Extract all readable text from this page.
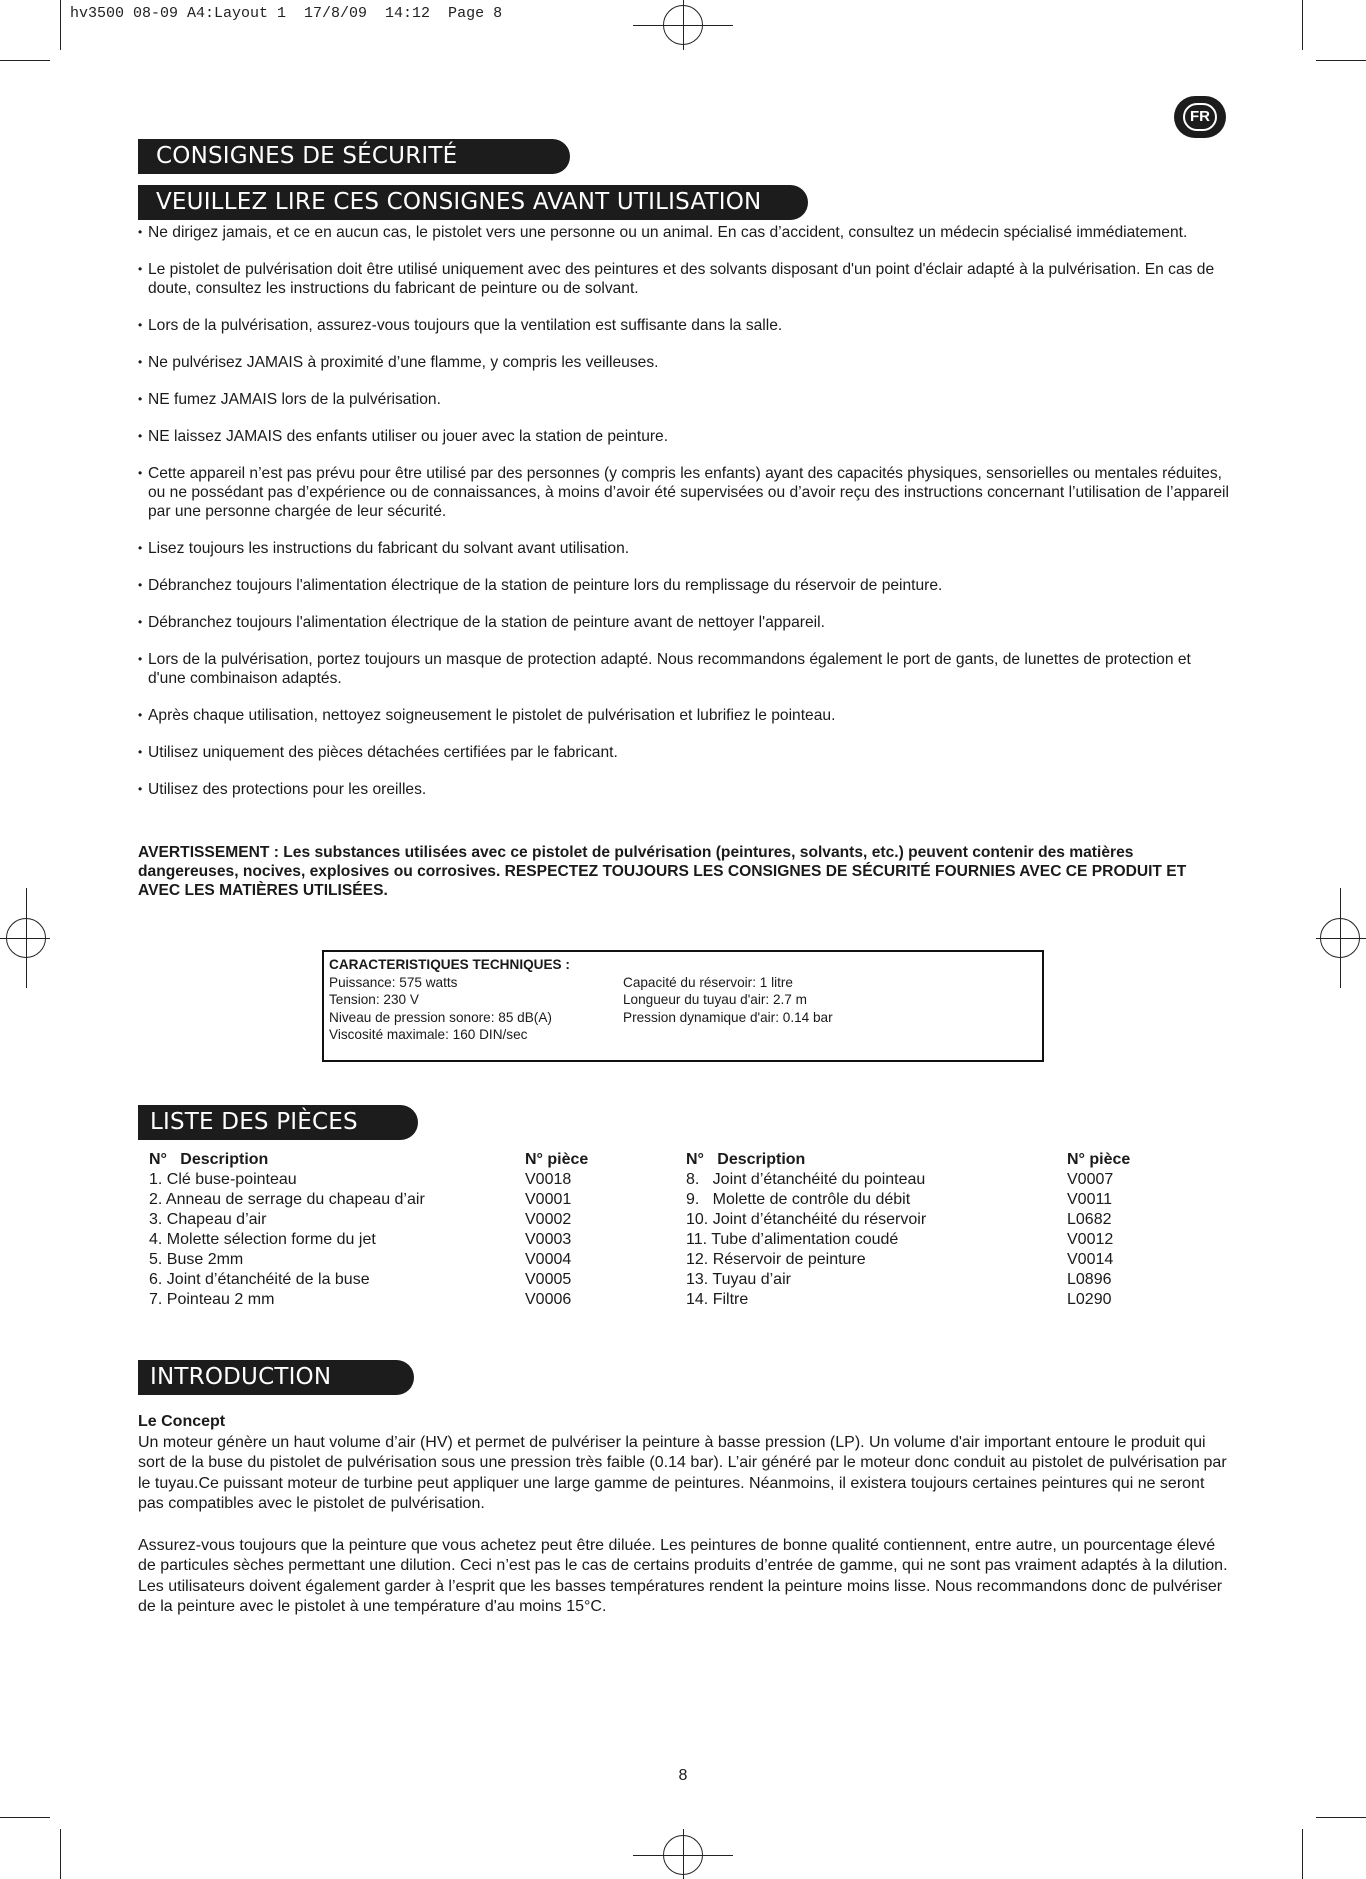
hv3500 08-09 A4:Layout 1  17/8/09  14:12  Page 8
FR
CONSIGNES DE SÉCURITÉ
VEUILLEZ LIRE CES CONSIGNES AVANT UTILISATION
• Ne dirigez jamais, et ce en aucun cas, le pistolet vers une personne ou un animal. En cas d’accident, consultez un médecin spécialisé immédiatement.
• Le pistolet de pulvérisation doit être utilisé uniquement avec des peintures et des solvants disposant d'un point d'éclair adapté à la pulvérisation. En cas de doute, consultez les instructions du fabricant de peinture ou de solvant.
• Lors de la pulvérisation, assurez-vous toujours que la ventilation est suffisante dans la salle.
• Ne pulvérisez JAMAIS à proximité d’une flamme, y compris les veilleuses.
• NE fumez JAMAIS lors de la pulvérisation.
• NE laissez JAMAIS des enfants utiliser ou jouer avec la station de peinture.
• Cette appareil n’est pas prévu pour être utilisé par des personnes (y compris les enfants) ayant des capacités physiques, sensorielles ou mentales réduites, ou ne possédant pas d’expérience ou de connaissances, à moins d’avoir été supervisées ou d’avoir reçu des instructions concernant l’utilisation de l’appareil par une personne chargée de leur sécurité.
• Lisez toujours les instructions du fabricant du solvant avant utilisation.
• Débranchez toujours l'alimentation électrique de la station de peinture lors du remplissage du réservoir de peinture.
• Débranchez toujours l'alimentation électrique de la station de peinture avant de nettoyer l'appareil.
• Lors de la pulvérisation, portez toujours un masque de protection adapté. Nous recommandons également le port de gants, de lunettes de protection et d'une combinaison adaptés.
• Après chaque utilisation, nettoyez soigneusement le pistolet de pulvérisation et lubrifiez le pointeau.
• Utilisez uniquement des pièces détachées certifiées par le fabricant.
• Utilisez des protections pour les oreilles.
AVERTISSEMENT : Les substances utilisées avec ce pistolet de pulvérisation (peintures, solvants, etc.) peuvent contenir des matières dangereuses, nocives, explosives ou corrosives. RESPECTEZ TOUJOURS LES CONSIGNES DE SÉCURITÉ FOURNIES AVEC CE PRODUIT ET AVEC LES MATIÈRES UTILISÉES.
CARACTERISTIQUES TECHNIQUES :
Puissance: 575 watts	Capacité du réservoir: 1 litre
Tension: 230 V	Longueur du tuyau d'air: 2.7 m
Niveau de pression sonore: 85 dB(A)	Pression dynamique d'air: 0.14 bar
Viscosité maximale: 160 DIN/sec
LISTE DES PIÈCES
N°   Description	N° pièce
1. Clé buse-pointeau	V0018
2. Anneau de serrage du chapeau d’air	V0001
3. Chapeau d’air	V0002
4. Molette sélection forme du jet	V0003
5. Buse 2mm	V0004
6. Joint d’étanchéité de la buse	V0005
7. Pointeau 2 mm	V0006
N°   Description	N° pièce
8.   Joint d’étanchéité du pointeau	V0007
9.   Molette de contrôle du débit	V0011
10. Joint d’étanchéité du réservoir	L0682
11. Tube d’alimentation coudé	V0012
12. Réservoir de peinture	V0014
13. Tuyau d’air	L0896
14. Filtre	L0290
INTRODUCTION
Le Concept

Un moteur génère un haut volume d’air (HV) et permet de pulvériser la peinture à basse pression (LP). Un volume d'air important entoure le produit qui sort de la buse du pistolet de pulvérisation sous une pression très faible (0.14 bar). L’air généré par le moteur donc conduit au pistolet de pulvérisation par le tuyau.Ce puissant moteur de turbine peut appliquer une large gamme de peintures. Néanmoins, il existera toujours certaines peintures qui ne seront pas compatibles avec le pistolet de pulvérisation.

Assurez-vous toujours que la peinture que vous achetez peut être diluée. Les peintures de bonne qualité contiennent, entre autre, un pourcentage élevé de particules sèches permettant une dilution. Ceci n’est pas le cas de certains produits d’entrée de gamme, qui ne sont pas vraiment adaptés à la dilution. Les utilisateurs doivent également garder à l’esprit que les basses températures rendent la peinture moins lisse. Nous recommandons donc de pulvériser de la peinture avec le pistolet à une température d'au moins 15°C.

8
